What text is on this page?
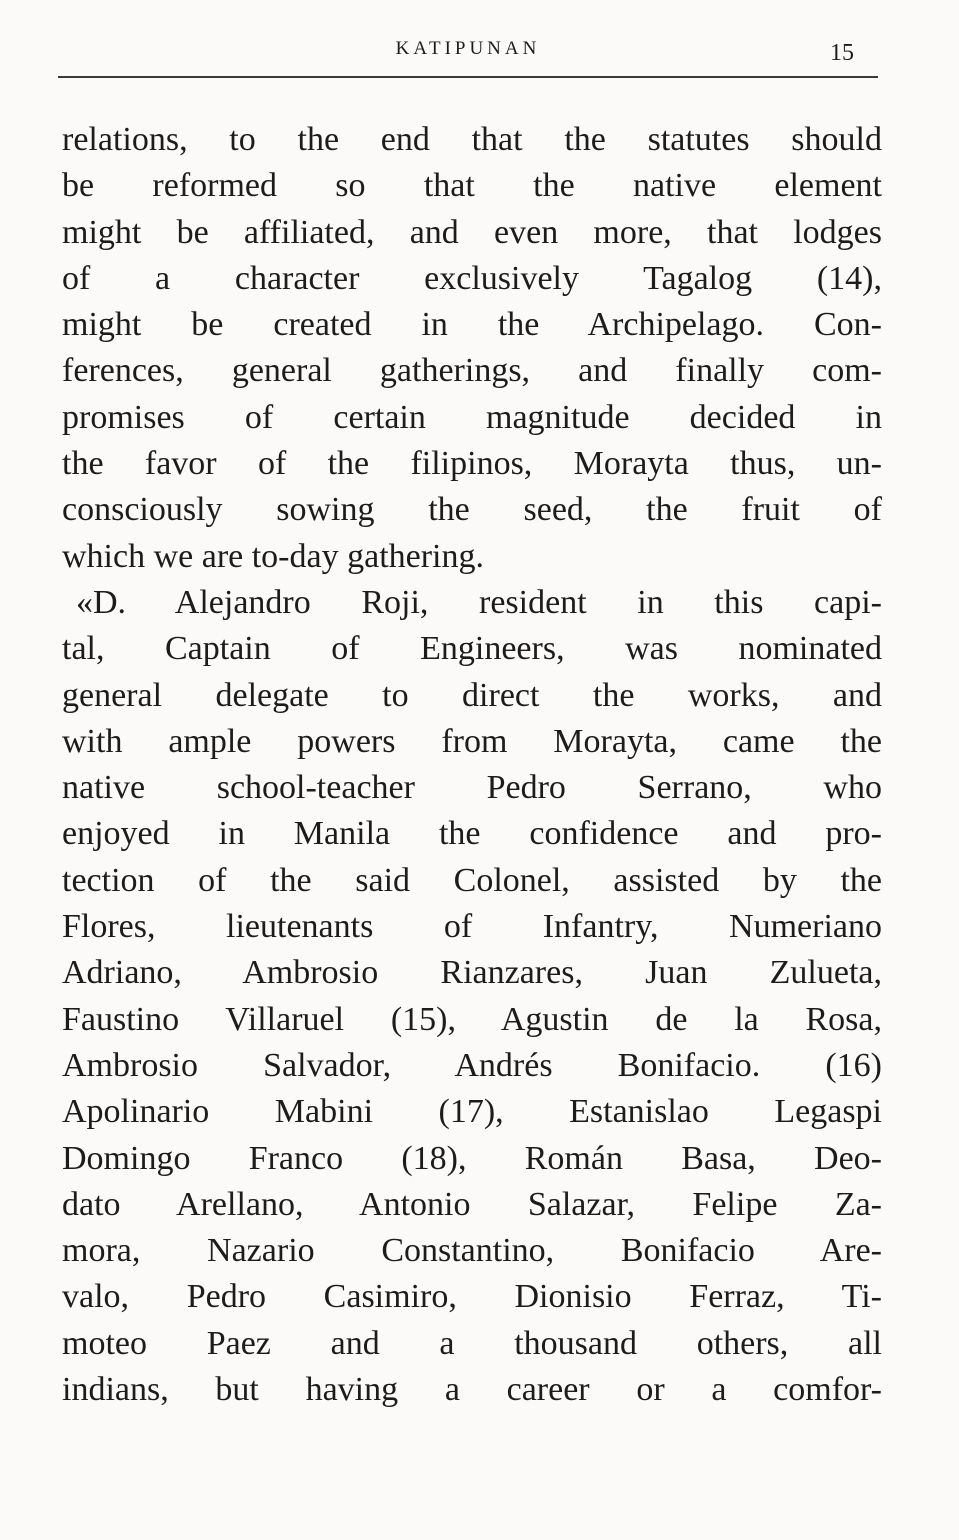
KATIPUNAN	15
relations, to the end that the statutes should
be reformed so that the native element
might be affiliated, and even more, that lodges
of a character exclusively Tagalog (14),
might be created in the Archipelago. Con-
ferences, general gatherings, and finally com-
promises of certain magnitude decided in
the favor of the filipinos, Morayta thus, un-
consciously sowing the seed, the fruit of
which we are to-day gathering.
«D. Alejandro Roji, resident in this capi-
tal, Captain of Engineers, was nominated
general delegate to direct the works, and
with ample powers from Morayta, came the
native school-teacher Pedro Serrano, who
enjoyed in Manila the confidence and pro-
tection of the said Colonel, assisted by the
Flores, lieutenants of Infantry, Numeriano
Adriano, Ambrosio Rianzares, Juan Zulueta,
Faustino Villaruel (15), Agustin de la Rosa,
Ambrosio Salvador, Andrés Bonifacio. (16)
Apolinario Mabini (17), Estanislao Legaspi
Domingo Franco (18), Román Basa, Deo-
dato Arellano, Antonio Salazar, Felipe Za-
mora, Nazario Constantino, Bonifacio Are-
valo, Pedro Casimiro, Dionisio Ferraz, Ti-
moteo Paez and a thousand others, all
indians, but having a career or a comfor-
